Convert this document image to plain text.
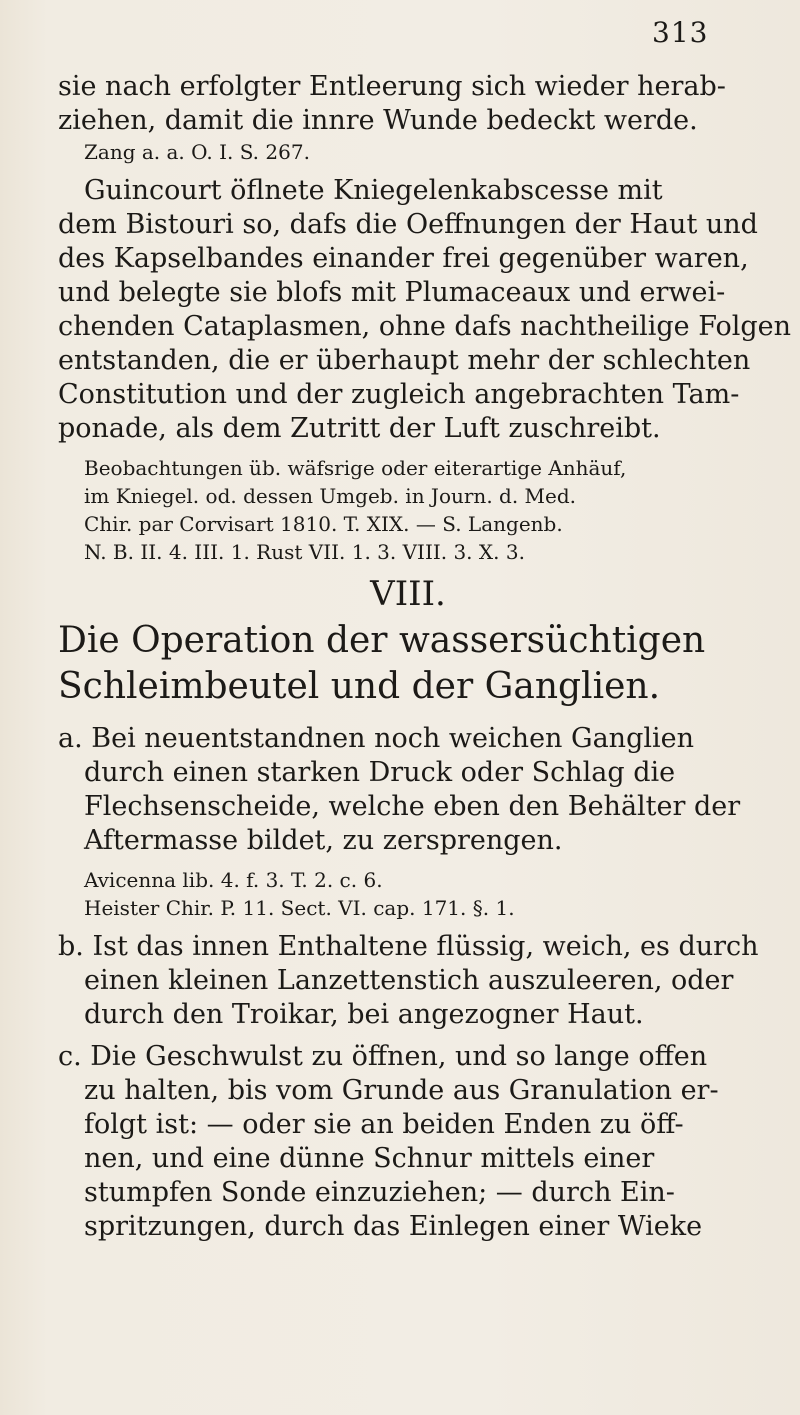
313
sie nach erfolgter Entleerung sich wieder herab-
ziehen, damit die innre Wunde bedeckt werde.
Zang a. a. O. I. S. 267.
Guincourt öflnete Kniegelenkabscesse mit
dem Bistouri so, dafs die Oeffnungen der Haut und
des Kapselbandes einander frei gegenüber waren,
und belegte sie blofs mit Plumaceaux und erwei-
chenden Cataplasmen, ohne dafs nachtheilige Folgen
entstanden, die er überhaupt mehr der schlechten
Constitution und der zugleich angebrachten Tam-
ponade, als dem Zutritt der Luft zuschreibt.
Beobachtungen üb. wäfsrige oder eiterartige Anhäuf,
im Kniegel. od. dessen Umgeb. in Journ. d. Med.
Chir. par Corvisart 1810. T. XIX. — S. Langenb.
N. B. II. 4. III. 1. Rust VII. 1. 3. VIII. 3. X. 3.
VIII.
Die Operation der wassersüchtigen
Schleimbeutel und der Ganglien.
a. Bei neuentstandnen noch weichen Ganglien
durch einen starken Druck oder Schlag die
Flechsenscheide, welche eben den Behälter der
Aftermasse bildet, zu zersprengen.
Avicenna lib. 4. f. 3. T. 2. c. 6.
Heister Chir. P. 11. Sect. VI. cap. 171. §. 1.
b. Ist das innen Enthaltene flüssig, weich, es durch
einen kleinen Lanzettenstich auszuleeren, oder
durch den Troikar, bei angezogner Haut.
c. Die Geschwulst zu öffnen, und so lange offen
zu halten, bis vom Grunde aus Granulation er-
folgt ist: — oder sie an beiden Enden zu öff-
nen, und eine dünne Schnur mittels einer
stumpfen Sonde einzuziehen; — durch Ein-
spritzungen, durch das Einlegen einer Wieke
